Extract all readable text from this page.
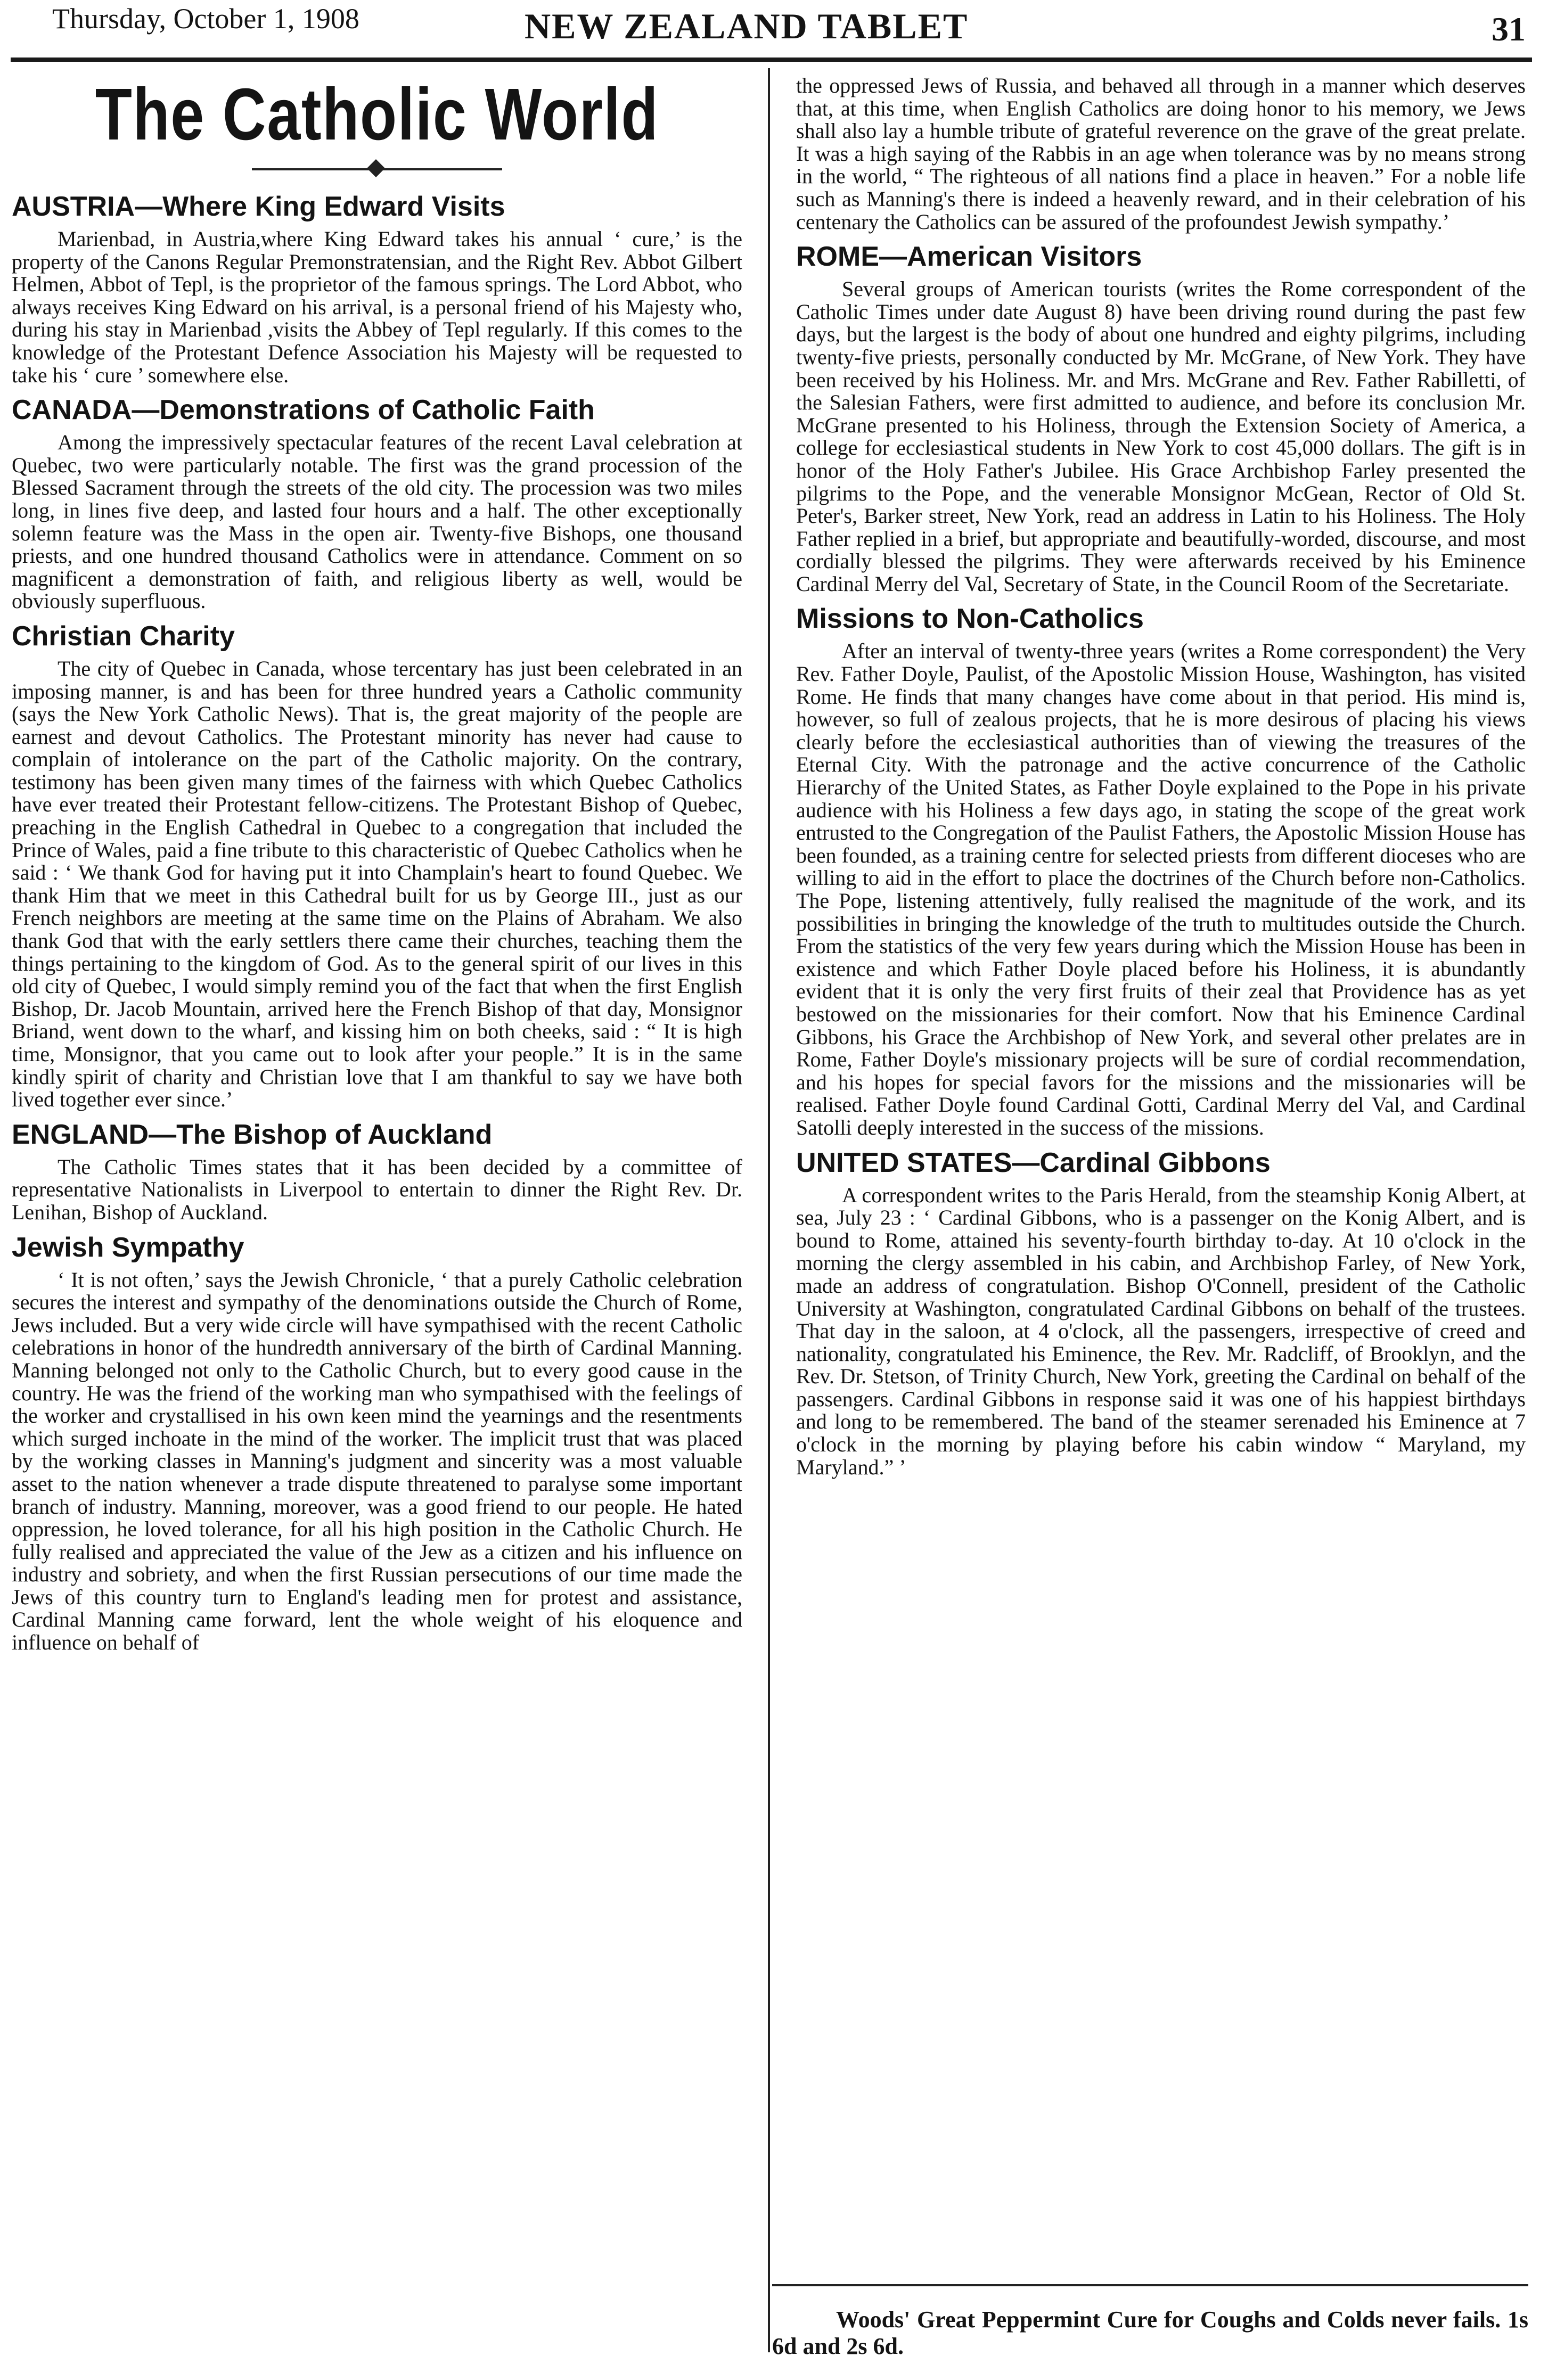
Thursday, October 1, 1908	NEW ZEALAND TABLET	31
The Catholic World
AUSTRIA—Where King Edward Visits

Marienbad, in Austria,where King Edward takes his annual ‘ cure,’ is the property of the Canons Regular Premonstratensian, and the Right Rev. Abbot Gilbert Helmen, Abbot of Tepl, is the proprietor of the famous springs. The Lord Abbot, who always receives King Edward on his arrival, is a personal friend of his Majesty who, during his stay in Marienbad ,visits the Abbey of Tepl regularly. If this comes to the knowledge of the Protestant Defence Association his Majesty will be requested to take his ‘ cure ’ somewhere else.

CANADA—Demonstrations of Catholic Faith

Among the impressively spectacular features of the recent Laval celebration at Quebec, two were particularly notable. The first was the grand procession of the Blessed Sacrament through the streets of the old city. The procession was two miles long, in lines five deep, and lasted four hours and a half. The other exceptionally solemn feature was the Mass in the open air. Twenty-five Bishops, one thousand priests, and one hundred thousand Catholics were in attendance. Comment on so magnificent a demonstration of faith, and religious liberty as well, would be obviously superfluous.

Christian Charity

The city of Quebec in Canada, whose tercentary has just been celebrated in an imposing manner, is and has been for three hundred years a Catholic community (says the New York Catholic News). That is, the great majority of the people are earnest and devout Catholics. The Protestant minority has never had cause to complain of intolerance on the part of the Catholic majority. On the contrary, testimony has been given many times of the fairness with which Quebec Catholics have ever treated their Protestant fellow-citizens. The Protestant Bishop of Quebec, preaching in the English Cathedral in Quebec to a congregation that included the Prince of Wales, paid a fine tribute to this characteristic of Quebec Catholics when he said : ‘ We thank God for having put it into Champlain's heart to found Quebec. We thank Him that we meet in this Cathedral built for us by George III., just as our French neighbors are meeting at the same time on the Plains of Abraham. We also thank God that with the early settlers there came their churches, teaching them the things pertaining to the kingdom of God. As to the general spirit of our lives in this old city of Quebec, I would simply remind you of the fact that when the first English Bishop, Dr. Jacob Mountain, arrived here the French Bishop of that day, Monsignor Briand, went down to the wharf, and kissing him on both cheeks, said : “ It is high time, Monsignor, that you came out to look after your people.” It is in the same kindly spirit of charity and Christian love that I am thankful to say we have both lived together ever since.’

ENGLAND—The Bishop of Auckland

The Catholic Times states that it has been decided by a committee of representative Nationalists in Liverpool to entertain to dinner the Right Rev. Dr. Lenihan, Bishop of Auckland.

Jewish Sympathy

‘ It is not often,’ says the Jewish Chronicle, ‘ that a purely Catholic celebration secures the interest and sympathy of the denominations outside the Church of Rome, Jews included. But a very wide circle will have sympathised with the recent Catholic celebrations in honor of the hundredth anniversary of the birth of Cardinal Manning. Manning belonged not only to the Catholic Church, but to every good cause in the country. He was the friend of the working man who sympathised with the feelings of the worker and crystallised in his own keen mind the yearnings and the resentments which surged inchoate in the mind of the worker. The implicit trust that was placed by the working classes in Manning's judgment and sincerity was a most valuable asset to the nation whenever a trade dispute threatened to paralyse some important branch of industry. Manning, moreover, was a good friend to our people. He hated oppression, he loved tolerance, for all his high position in the Catholic Church. He fully realised and appreciated the value of the Jew as a citizen and his influence on industry and sobriety, and when the first Russian persecutions of our time made the Jews of this country turn to England's leading men for protest and assistance, Cardinal Manning came forward, lent the whole weight of his eloquence and influence on behalf of

the oppressed Jews of Russia, and behaved all through in a manner which deserves that, at this time, when English Catholics are doing honor to his memory, we Jews shall also lay a humble tribute of grateful reverence on the grave of the great prelate. It was a high saying of the Rabbis in an age when tolerance was by no means strong in the world, “ The righteous of all nations find a place in heaven.” For a noble life such as Manning's there is indeed a heavenly reward, and in their celebration of his centenary the Catholics can be assured of the profoundest Jewish sympathy.’

ROME—American Visitors

Several groups of American tourists (writes the Rome correspondent of the Catholic Times under date August 8) have been driving round during the past few days, but the largest is the body of about one hundred and eighty pilgrims, including twenty-five priests, personally conducted by Mr. McGrane, of New York. They have been received by his Holiness. Mr. and Mrs. McGrane and Rev. Father Rabilletti, of the Salesian Fathers, were first admitted to audience, and before its conclusion Mr. McGrane presented to his Holiness, through the Extension Society of America, a college for ecclesiastical students in New York to cost 45,000 dollars. The gift is in honor of the Holy Father's Jubilee. His Grace Archbishop Farley presented the pilgrims to the Pope, and the venerable Monsignor McGean, Rector of Old St. Peter's, Barker street, New York, read an address in Latin to his Holiness. The Holy Father replied in a brief, but appropriate and beautifully-worded, discourse, and most cordially blessed the pilgrims. They were afterwards received by his Eminence Cardinal Merry del Val, Secretary of State, in the Council Room of the Secretariate.

Missions to Non-Catholics

After an interval of twenty-three years (writes a Rome correspondent) the Very Rev. Father Doyle, Paulist, of the Apostolic Mission House, Washington, has visited Rome. He finds that many changes have come about in that period. His mind is, however, so full of zealous projects, that he is more desirous of placing his views clearly before the ecclesiastical authorities than of viewing the treasures of the Eternal City. With the patronage and the active concurrence of the Catholic Hierarchy of the United States, as Father Doyle explained to the Pope in his private audience with his Holiness a few days ago, in stating the scope of the great work entrusted to the Congregation of the Paulist Fathers, the Apostolic Mission House has been founded, as a training centre for selected priests from different dioceses who are willing to aid in the effort to place the doctrines of the Church before non-Catholics. The Pope, listening attentively, fully realised the magnitude of the work, and its possibilities in bringing the knowledge of the truth to multitudes outside the Church. From the statistics of the very few years during which the Mission House has been in existence and which Father Doyle placed before his Holiness, it is abundantly evident that it is only the very first fruits of their zeal that Providence has as yet bestowed on the missionaries for their comfort. Now that his Eminence Cardinal Gibbons, his Grace the Archbishop of New York, and several other prelates are in Rome, Father Doyle's missionary projects will be sure of cordial recommendation, and his hopes for special favors for the missions and the missionaries will be realised. Father Doyle found Cardinal Gotti, Cardinal Merry del Val, and Cardinal Satolli deeply interested in the success of the missions.

UNITED STATES—Cardinal Gibbons

A correspondent writes to the Paris Herald, from the steamship Konig Albert, at sea, July 23 : ‘ Cardinal Gibbons, who is a passenger on the Konig Albert, and is bound to Rome, attained his seventy-fourth birthday to-day. At 10 o'clock in the morning the clergy assembled in his cabin, and Archbishop Farley, of New York, made an address of congratulation. Bishop O'Connell, president of the Catholic University at Washington, congratulated Cardinal Gibbons on behalf of the trustees. That day in the saloon, at 4 o'clock, all the passengers, irrespective of creed and nationality, congratulated his Eminence, the Rev. Mr. Radcliff, of Brooklyn, and the Rev. Dr. Stetson, of Trinity Church, New York, greeting the Cardinal on behalf of the passengers. Cardinal Gibbons in response said it was one of his happiest birthdays and long to be remembered. The band of the steamer serenaded his Eminence at 7 o'clock in the morning by playing before his cabin window “ Maryland, my Maryland.” ’

Woods' Great Peppermint Cure for Coughs and Colds never fails. 1s 6d and 2s 6d.
